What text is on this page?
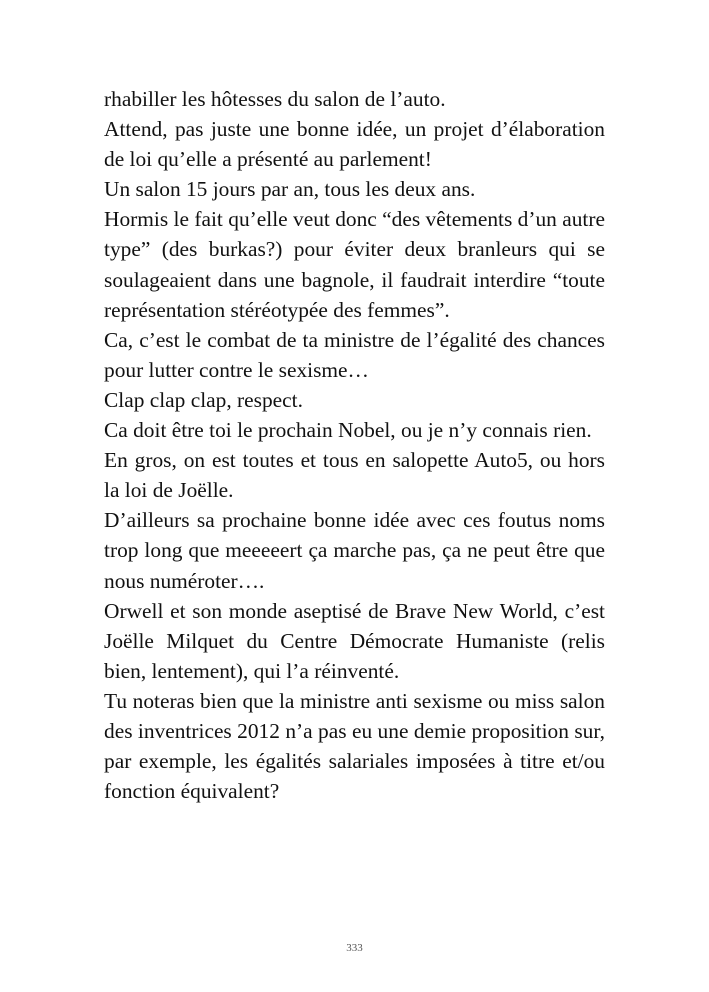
rhabiller les hôtesses du salon de l’auto.

Attend, pas juste une bonne idée, un projet d’élaboration de loi qu’elle a présenté au parlement!

Un salon 15 jours par an, tous les deux ans.

Hormis le fait qu’elle veut donc “des vêtements d’un autre type” (des burkas?) pour éviter deux branleurs qui se soulageaient dans une bagnole, il faudrait interdire “toute représentation stéréotypée des femmes”.

Ca, c’est le combat de ta ministre de l’égalité des chances pour lutter contre le sexisme…

Clap clap clap, respect.

Ca doit être toi le prochain Nobel, ou je n’y connais rien.

En gros, on est toutes et tous en salopette Auto5, ou hors la loi de Joëlle.

D’ailleurs sa prochaine bonne idée avec ces foutus noms trop long que meeeeert ça marche pas, ça ne peut être que nous numéroter….

Orwell et son monde aseptisé de Brave New World, c’est Joëlle Milquet du Centre Démocrate Humaniste (relis bien, lentement), qui l’a réinventé.

Tu noteras bien que la ministre anti sexisme ou miss salon des inventrices 2012 n’a pas eu une demie proposition sur, par exemple, les égalités salariales imposées à titre et/ou fonction équivalent?

333
